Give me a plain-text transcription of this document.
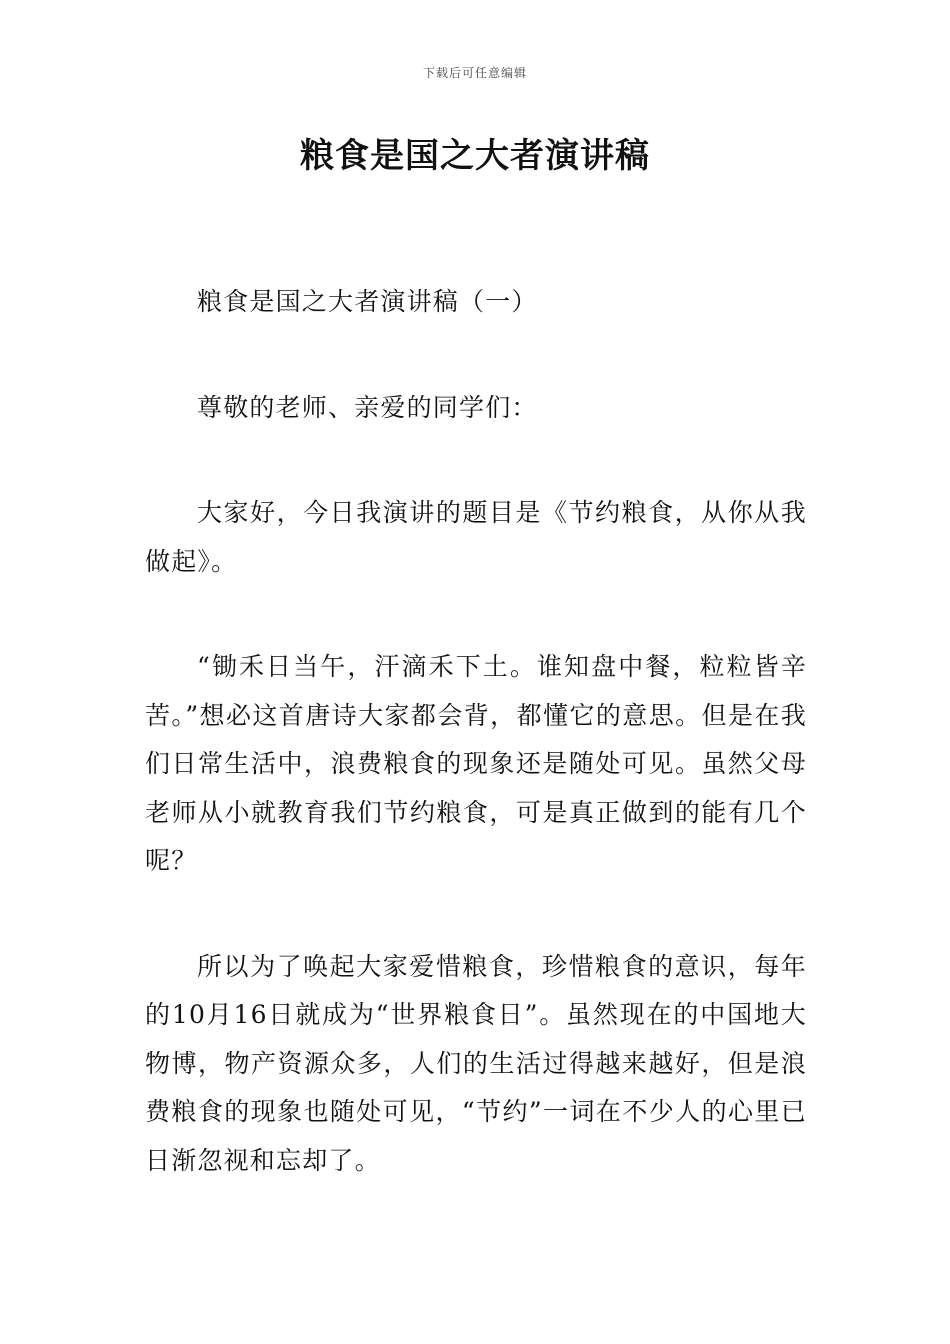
下载后可任意编辑
粮食是国之大者演讲稿

粮食是国之大者演讲稿（一）

尊敬的老师、亲爱的同学们：

大家好，今日我演讲的题目是《节约粮食，从你从我做起》。

“锄禾日当午，汗滴禾下土。谁知盘中餐，粒粒皆辛苦。”想必这首唐诗大家都会背，都懂它的意思。但是在我们日常生活中，浪费粮食的现象还是随处可见。虽然父母老师从小就教育我们节约粮食，可是真正做到的能有几个呢？

所以为了唤起大家爱惜粮食，珍惜粮食的意识，每年的10月16日就成为“世界粮食日”。虽然现在的中国地大物博，物产资源众多，人们的生活过得越来越好，但是浪费粮食的现象也随处可见，“节约”一词在不少人的心里已日渐忽视和忘却了。
